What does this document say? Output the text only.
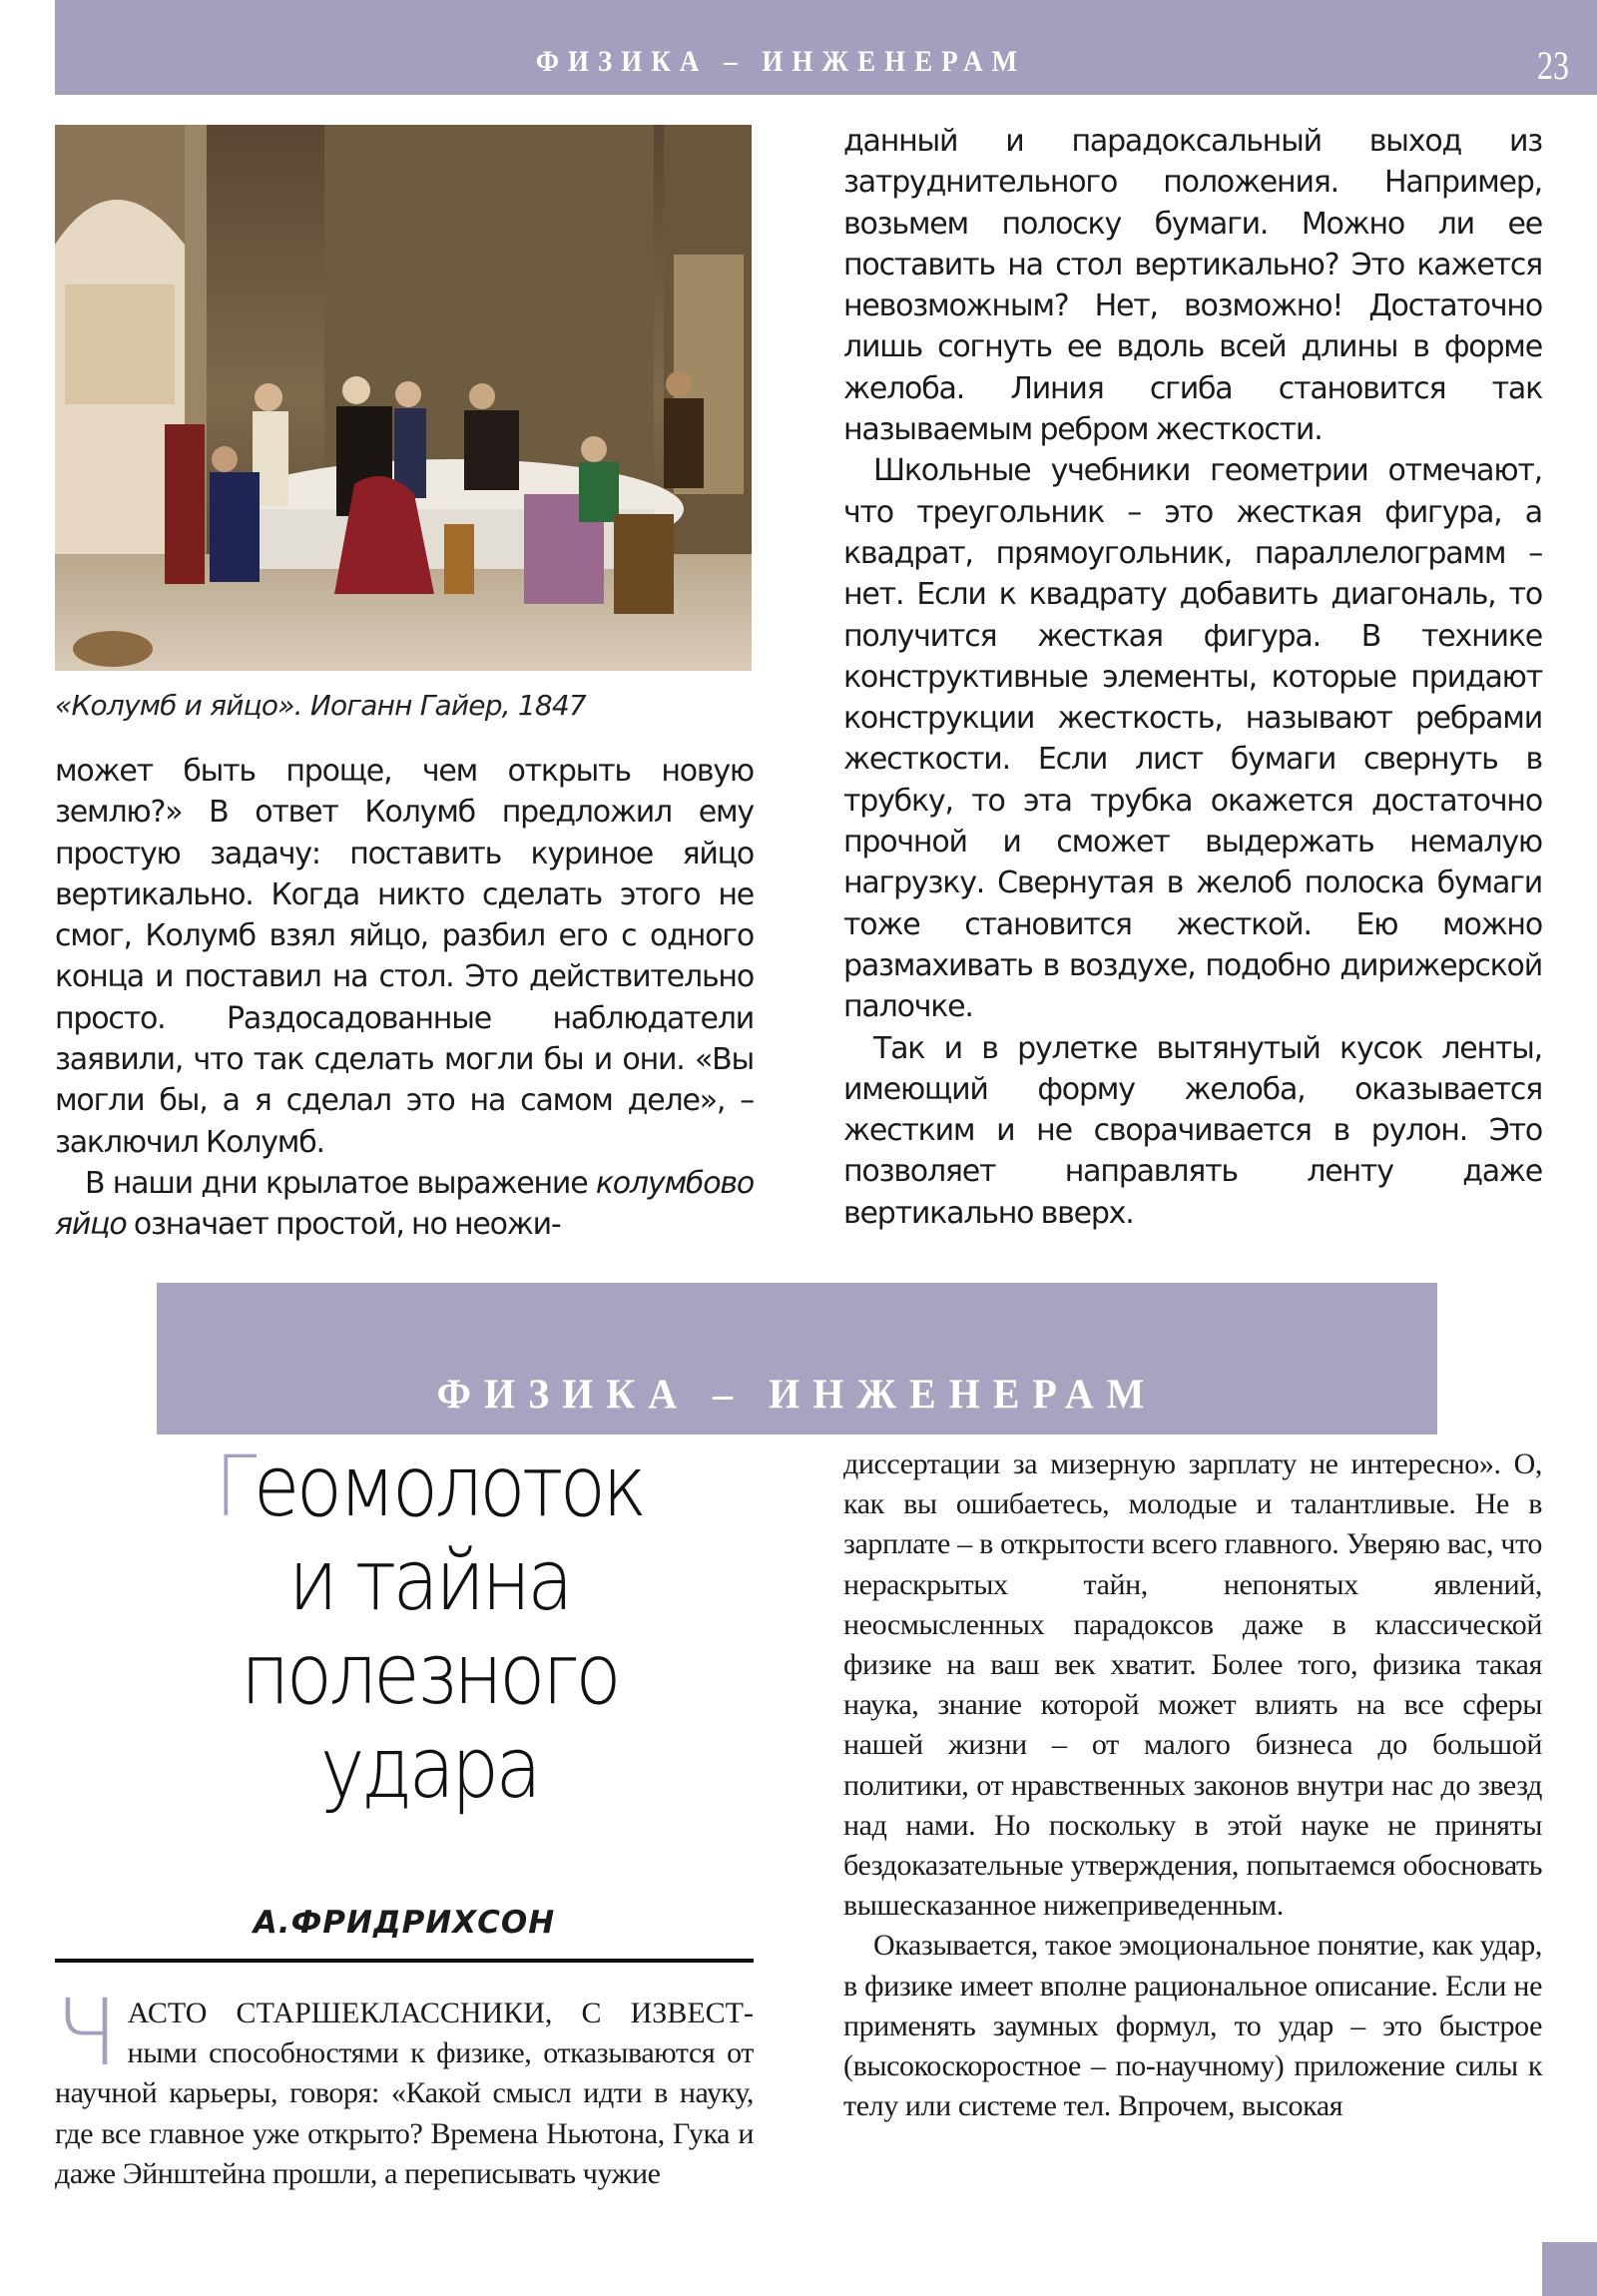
ФИЗИКА – ИНЖЕНЕРАМ	23
«Колумб и яйцо». Иоганн Гайер, 1847

может быть проще, чем открыть новую землю?» В ответ Колумб предложил ему простую задачу: поставить куриное яйцо вертикально. Когда никто сделать этого не смог, Колумб взял яйцо, разбил его с одного конца и поставил на стол. Это действительно просто. Раздосадованные наблюдатели заявили, что так сделать могли бы и они. «Вы могли бы, а я сделал это на самом деле», – заключил Колумб.

В наши дни крылатое выражение колумбово яйцо означает простой, но неожи-

данный и парадоксальный выход из затруднительного положения. Например, возьмем полоску бумаги. Можно ли ее поставить на стол вертикально? Это кажется невозможным? Нет, возможно! Достаточно лишь согнуть ее вдоль всей длины в форме желоба. Линия сгиба становится так называемым ребром жесткости.

Школьные учебники геометрии отмечают, что треугольник – это жесткая фигура, а квадрат, прямоугольник, параллелограмм – нет. Если к квадрату добавить диагональ, то получится жесткая фигура. В технике конструктивные элементы, которые придают конструкции жесткость, называют ребрами жесткости. Если лист бумаги свернуть в трубку, то эта трубка окажется достаточно прочной и сможет выдержать немалую нагрузку. Свернутая в желоб полоска бумаги тоже становится жесткой. Ею можно размахивать в воздухе, подобно дирижерской палочке.

Так и в рулетке вытянутый кусок ленты, имеющий форму желоба, оказывается жестким и не сворачивается в рулон. Это позволяет направлять ленту даже вертикально вверх.

ФИЗИКА – ИНЖЕНЕРАМ
Геомолоток
и тайна
полезного
удара
А.ФРИДРИХСОН

ЧАСТО СТАРШЕКЛАССНИКИ, С ИЗВЕСТ- ными способностями к физике, отказываются от научной карьеры, говоря: «Какой смысл идти в науку, где все главное уже открыто? Времена Ньютона, Гука и даже Эйнштейна прошли, а переписывать чужие

диссертации за мизерную зарплату не интересно». О, как вы ошибаетесь, молодые и талантливые. Не в зарплате – в открытости всего главного. Уверяю вас, что нераскрытых тайн, непонятых явлений, неосмысленных парадоксов даже в классической физике на ваш век хватит. Более того, физика такая наука, знание которой может влиять на все сферы нашей жизни – от малого бизнеса до большой политики, от нравственных законов внутри нас до звезд над нами. Но поскольку в этой науке не приняты бездоказательные утверждения, попытаемся обосновать вышесказанное нижеприведенным.

Оказывается, такое эмоциональное понятие, как удар, в физике имеет вполне рациональное описание. Если не применять заумных формул, то удар – это быстрое (высокоскоростное – по-научному) приложение силы к телу или системе тел. Впрочем, высокая
